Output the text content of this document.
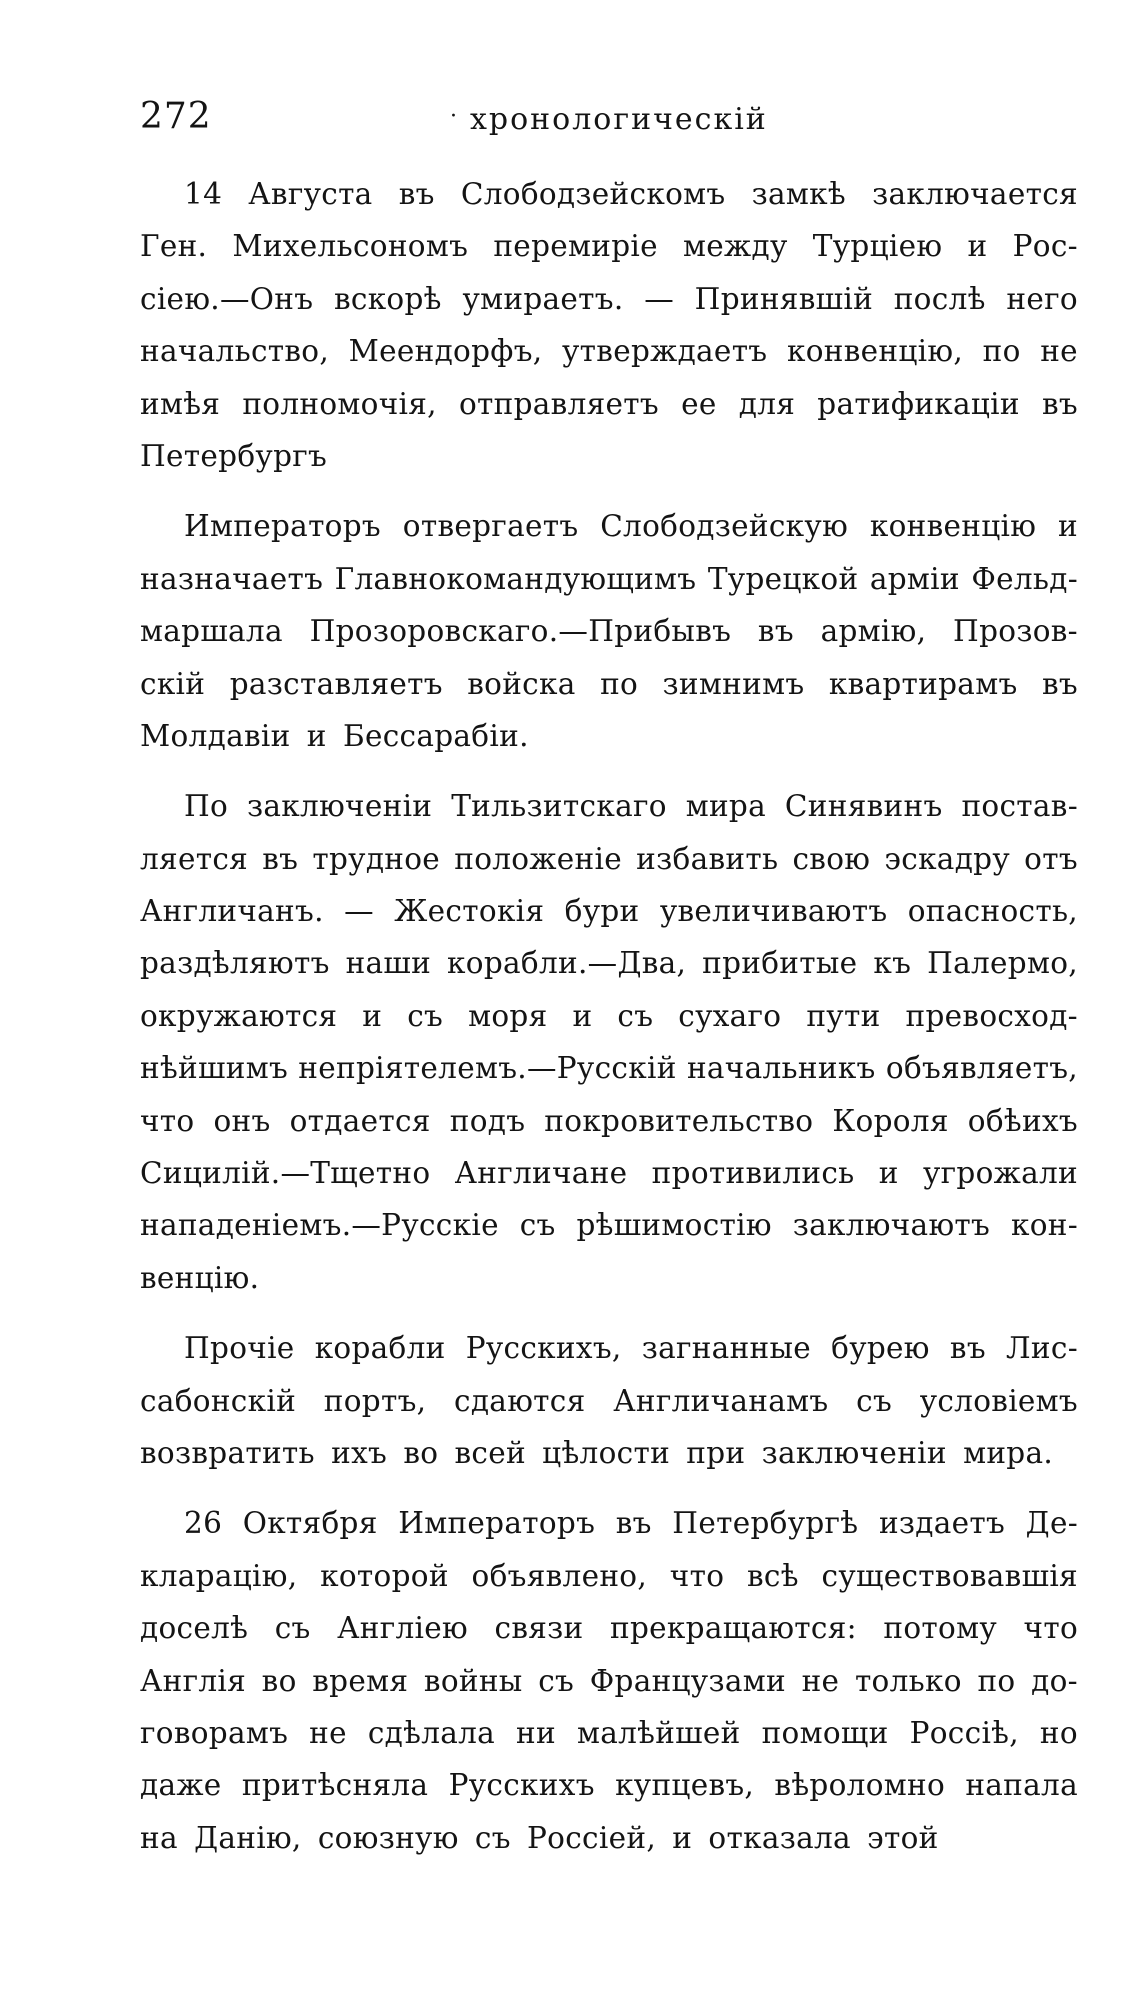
272	· хронологическій
14 Августа въ Слободзейскомъ замкѣ заключается
Ген. Михельсономъ перемиріе между Турціею и Рос-
сіею.—Онъ вскорѣ умираетъ. — Принявшій послѣ него
начальство, Меендорфъ, утверждаетъ конвенцію, по не
имѣя полномочія, отправляетъ ее для ратификаціи въ
Петербургъ
Императоръ отвергаетъ Слободзейскую конвенцію и
назначаетъ Главнокомандующимъ Турецкой арміи Фельд-
маршала Прозоровскаго.—Прибывъ въ армію, Прозов-
скій разставляетъ войска по зимнимъ квартирамъ въ
Молдавіи и Бессарабіи.
По заключеніи Тильзитскаго мира Синявинъ постав-
ляется въ трудное положеніе избавить свою эскадру отъ
Англичанъ. — Жестокія бури увеличиваютъ опасность,
раздѣляютъ наши корабли.—Два, прибитые къ Палермо,
окружаются и съ моря и съ сухаго пути превосход-
нѣйшимъ непріятелемъ.—Русскій начальникъ объявляетъ,
что онъ отдается подъ покровительство Короля обѣихъ
Сицилій.—Тщетно Англичане противились и угрожали
нападеніемъ.—Русскіе съ рѣшимостію заключаютъ кон-
венцію.
Прочіе корабли Русскихъ, загнанные бурею въ Лис-
сабонскій портъ, сдаются Англичанамъ съ условіемъ
возвратить ихъ во всей цѣлости при заключеніи мира.
26 Октября Императоръ въ Петербургѣ издаетъ Де-
кларацію, которой объявлено, что всѣ существовавшія
доселѣ съ Англіею связи прекращаются: потому что
Англія во время войны съ Французами не только по до-
говорамъ не сдѣлала ни малѣйшей помощи Россіѣ, но
даже притѣсняла Русскихъ купцевъ, вѣроломно напала
на Данію, союзную съ Россіей, и отказала этой
